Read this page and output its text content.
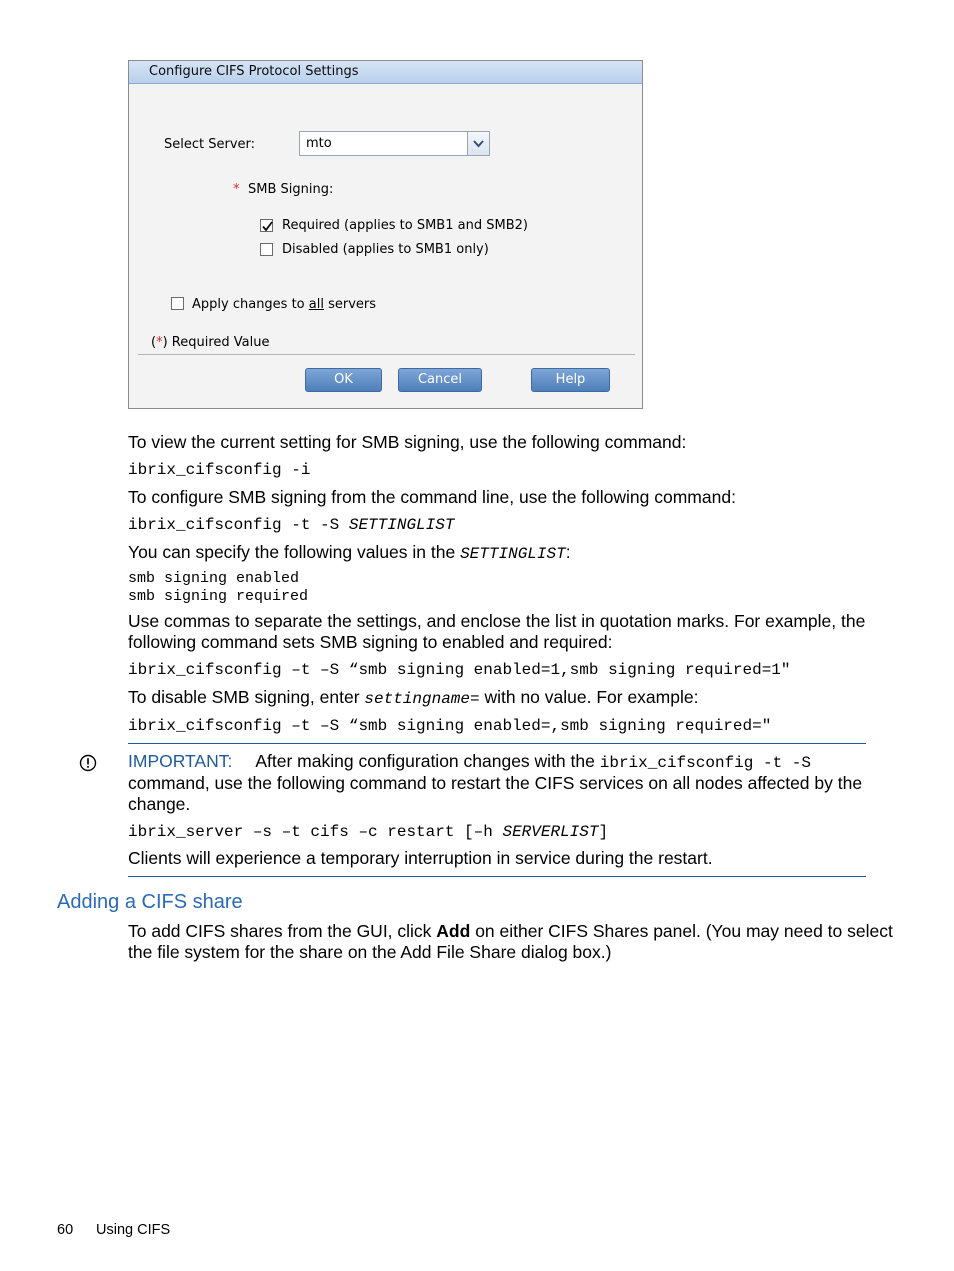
Configure CIFS Protocol Settings
Select Server:	mto
* SMB Signing:
Required (applies to SMB1 and SMB2)
Disabled (applies to SMB1 only)
Apply changes to all servers
(*) Required Value
OK	Cancel	Help
To view the current setting for SMB signing, use the following command:
ibrix_cifsconfig -i
To configure SMB signing from the command line, use the following command:
ibrix_cifsconfig -t -S SETTINGLIST
You can specify the following values in the SETTINGLIST:
smb signing enabled
smb signing required
Use commas to separate the settings, and enclose the list in quotation marks. For example, the
following command sets SMB signing to enabled and required:
ibrix_cifsconfig –t –S “smb signing enabled=1,smb signing required=1"
To disable SMB signing, enter settingname= with no value. For example:
ibrix_cifsconfig –t –S “smb signing enabled=,smb signing required="
IMPORTANT: After making configuration changes with the ibrix_cifsconfig -t -S
command, use the following command to restart the CIFS services on all nodes affected by the
change.
ibrix_server –s –t cifs –c restart [–h SERVERLIST]
Clients will experience a temporary interruption in service during the restart.
Adding a CIFS share
To add CIFS shares from the GUI, click Add on either CIFS Shares panel. (You may need to select
the file system for the share on the Add File Share dialog box.)
60 Using CIFS
